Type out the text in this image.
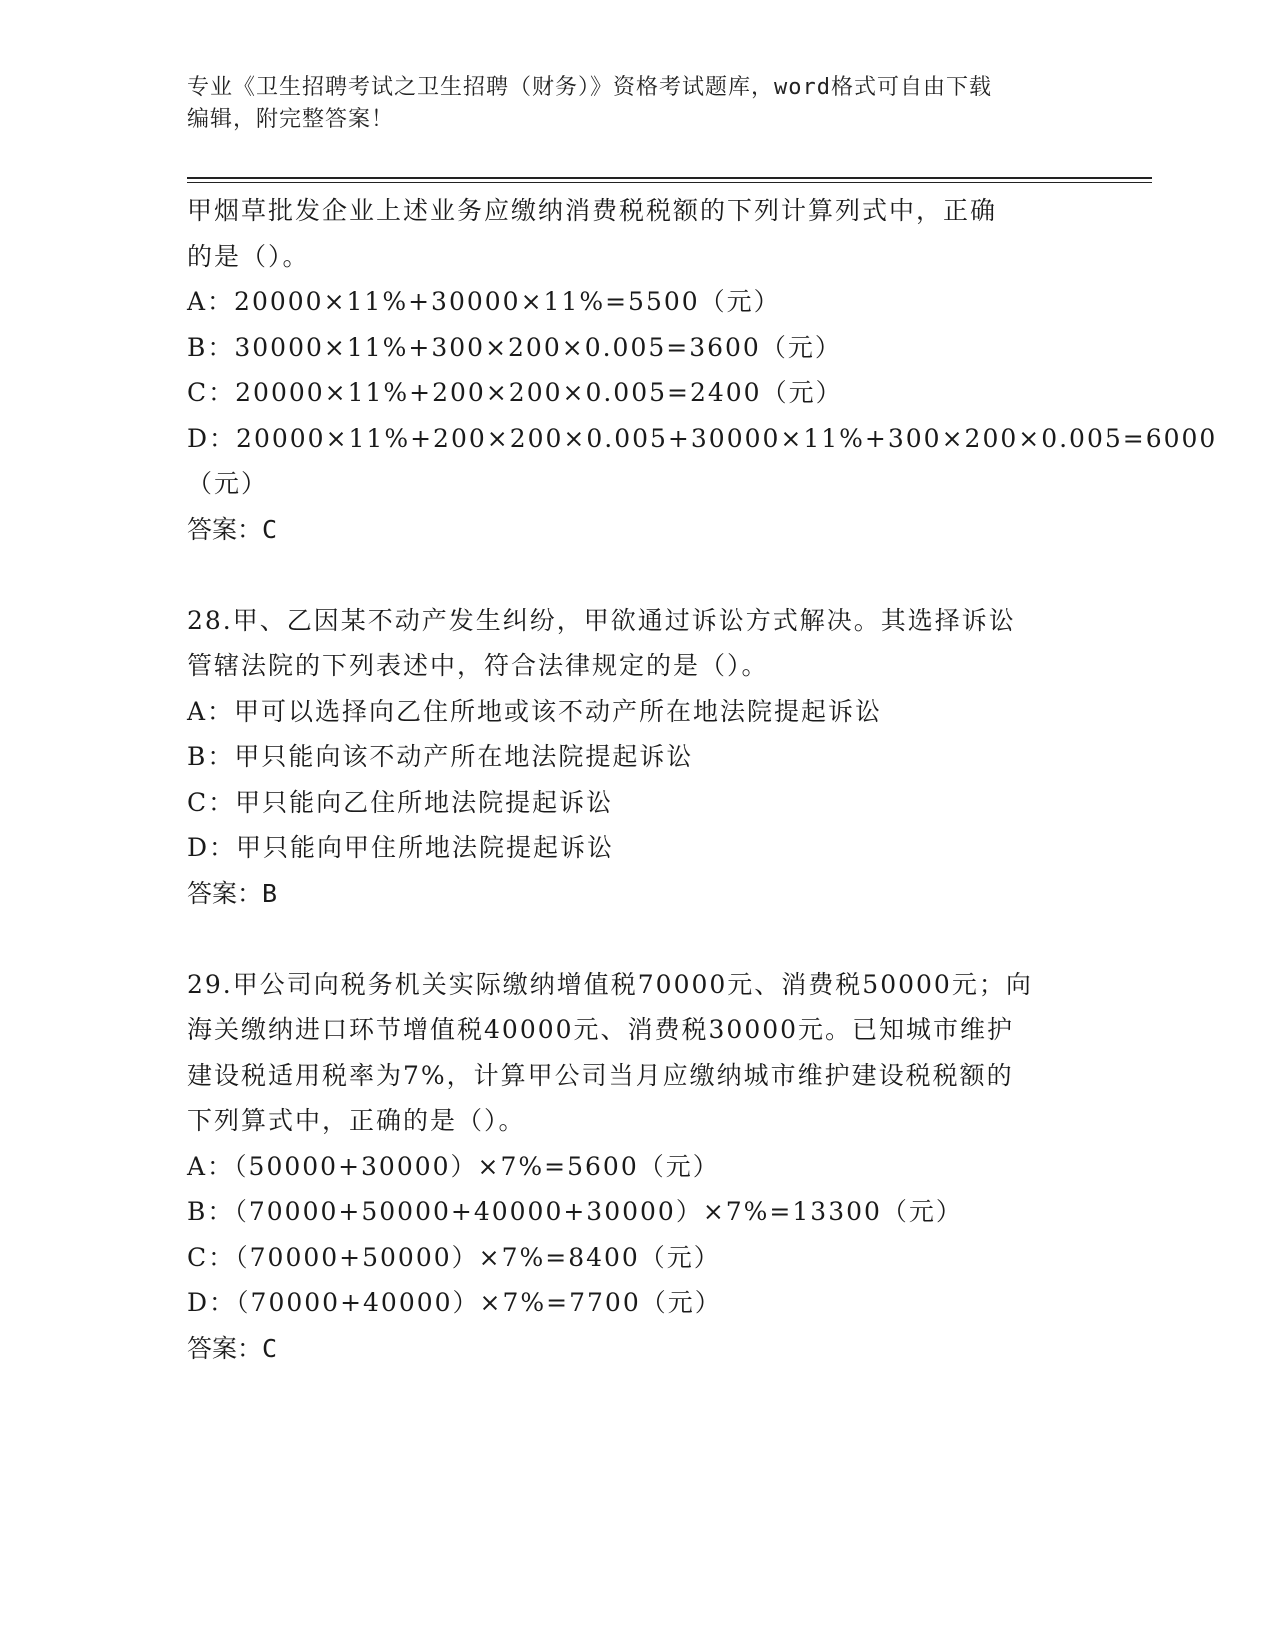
专业《卫生招聘考试之卫生招聘（财务）》资格考试题库，word格式可自由下载
编辑，附完整答案！
甲烟草批发企业上述业务应缴纳消费税税额的下列计算列式中，正确
的是（）。
A：20000×11%+30000×11%=5500（元）
B：30000×11%+300×200×0.005=3600（元）
C：20000×11%+200×200×0.005=2400（元）
D：20000×11%+200×200×0.005+30000×11%+300×200×0.005=6000
（元）
答案：C
28.甲、乙因某不动产发生纠纷，甲欲通过诉讼方式解决。其选择诉讼
管辖法院的下列表述中，符合法律规定的是（）。
A：甲可以选择向乙住所地或该不动产所在地法院提起诉讼
B：甲只能向该不动产所在地法院提起诉讼
C：甲只能向乙住所地法院提起诉讼
D：甲只能向甲住所地法院提起诉讼
答案：B
29.甲公司向税务机关实际缴纳增值税70000元、消费税50000元；向
海关缴纳进口环节增值税40000元、消费税30000元。已知城市维护
建设税适用税率为7%，计算甲公司当月应缴纳城市维护建设税税额的
下列算式中，正确的是（）。
A：（50000+30000）×7%=5600（元）
B：（70000+50000+40000+30000）×7%=13300（元）
C：（70000+50000）×7%=8400（元）
D：（70000+40000）×7%=7700（元）
答案：C
